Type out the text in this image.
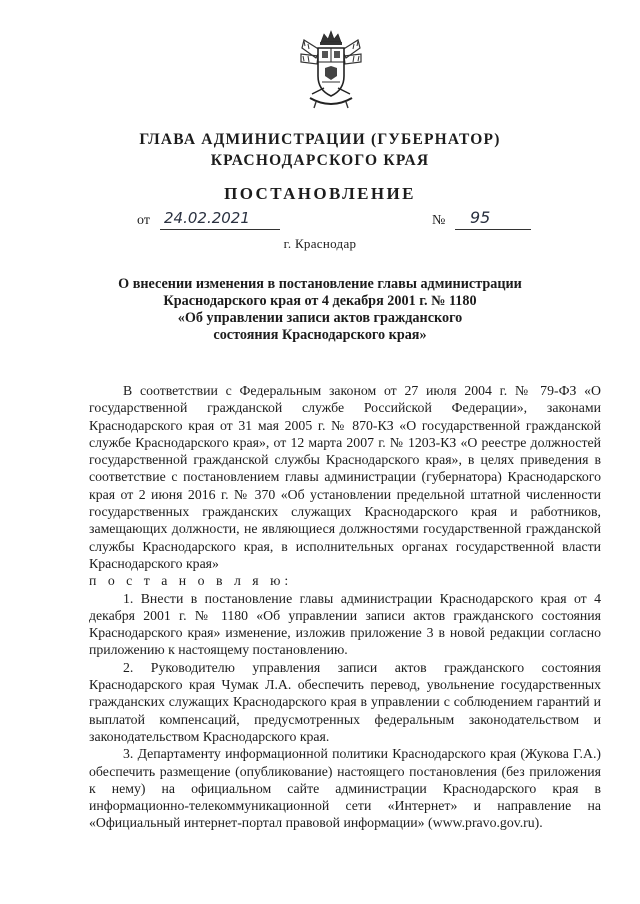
ГЛАВА АДМИНИСТРАЦИИ (ГУБЕРНАТОР)
КРАСНОДАРСКОГО КРАЯ
ПОСТАНОВЛЕНИЕ
от 24.02.2021	№ 95
г. Краснодар
О внесении изменения в постановление главы администрации
Краснодарского края от 4 декабря 2001 г. № 1180
«Об управлении записи актов гражданского
состояния Краснодарского края»

В соответствии с Федеральным законом от 27 июля 2004 г. № 79-ФЗ «О государственной гражданской службе Российской Федерации», законами Краснодарского края от 31 мая 2005 г. № 870-КЗ «О государственной гражданской службе Краснодарского края», от 12 марта 2007 г. № 1203-КЗ «О реестре должностей государственной гражданской службы Краснодарского края», в целях приведения в соответствие с постановлением главы администрации (губернатора) Краснодарского края от 2 июня 2016 г. № 370 «Об установлении предельной штатной численности государственных гражданских служащих Краснодарского края и работников, замещающих должности, не являющиеся должностями государственной гражданской службы Краснодарского края, в исполнительных органах государственной власти Краснодарского края»

п о с т а н о в л я ю:

1. Внести в постановление главы администрации Краснодарского края от 4 декабря 2001 г. № 1180 «Об управлении записи актов гражданского состояния Краснодарского края» изменение, изложив приложение 3 в новой редакции согласно приложению к настоящему постановлению.

2. Руководителю управления записи актов гражданского состояния Краснодарского края Чумак Л.А. обеспечить перевод, увольнение государственных гражданских служащих Краснодарского края в управлении с соблюдением гарантий и выплатой компенсаций, предусмотренных федеральным законодательством и законодательством Краснодарского края.

3. Департаменту информационной политики Краснодарского края (Жукова Г.А.) обеспечить размещение (опубликование) настоящего постановления (без приложения к нему) на официальном сайте администрации Краснодарского края в информационно-телекоммуникационной сети «Интернет» и направление на «Официальный интернет-портал правовой информации» (www.pravo.gov.ru).
